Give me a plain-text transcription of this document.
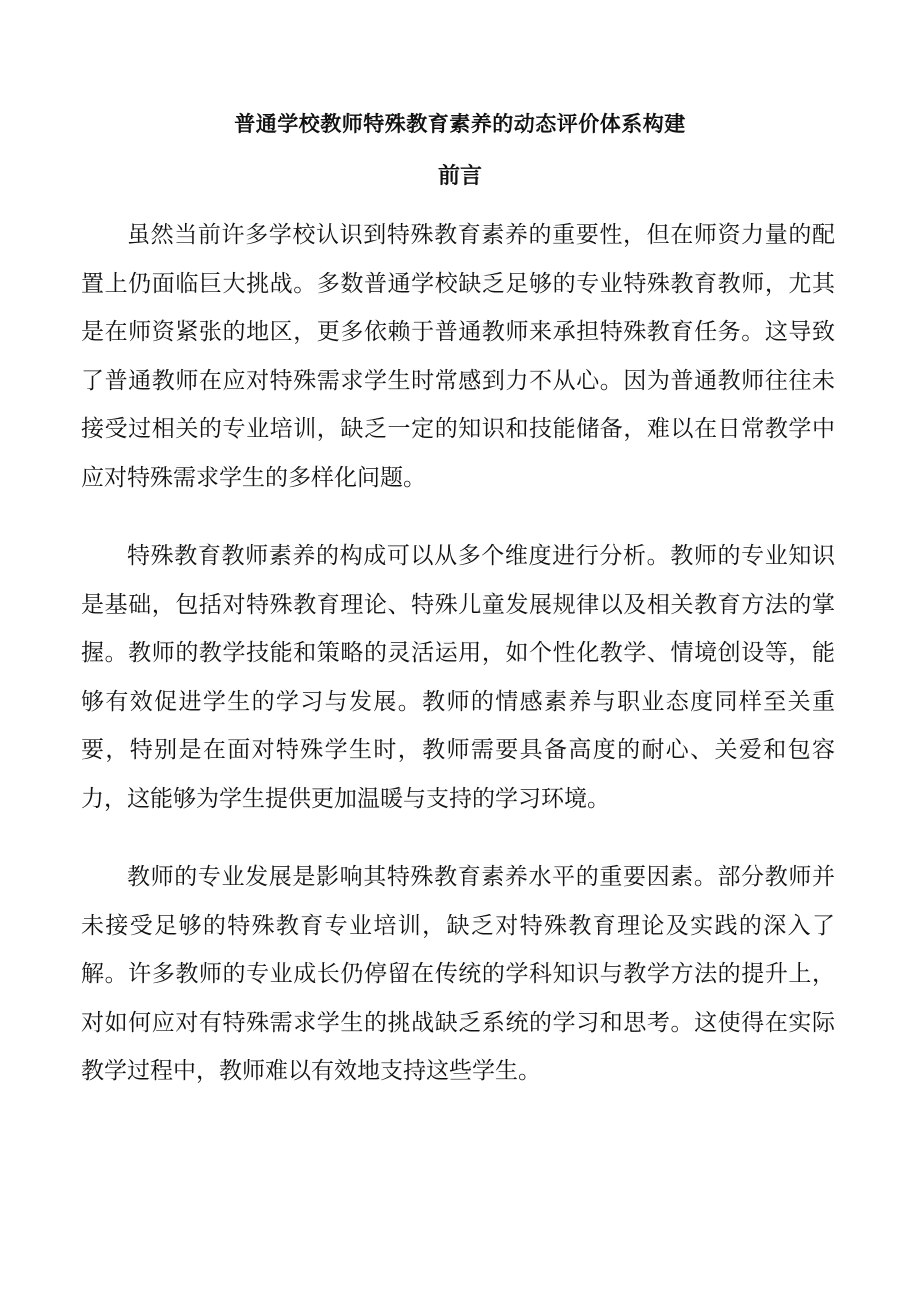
普通学校教师特殊教育素养的动态评价体系构建
前言

虽然当前许多学校认识到特殊教育素养的重要性，但在师资力量的配置上仍面临巨大挑战。多数普通学校缺乏足够的专业特殊教育教师，尤其是在师资紧张的地区，更多依赖于普通教师来承担特殊教育任务。这导致了普通教师在应对特殊需求学生时常感到力不从心。因为普通教师往往未接受过相关的专业培训，缺乏一定的知识和技能储备，难以在日常教学中应对特殊需求学生的多样化问题。

特殊教育教师素养的构成可以从多个维度进行分析。教师的专业知识是基础，包括对特殊教育理论、特殊儿童发展规律以及相关教育方法的掌握。教师的教学技能和策略的灵活运用，如个性化教学、情境创设等，能够有效促进学生的学习与发展。教师的情感素养与职业态度同样至关重要，特别是在面对特殊学生时，教师需要具备高度的耐心、关爱和包容力，这能够为学生提供更加温暖与支持的学习环境。

教师的专业发展是影响其特殊教育素养水平的重要因素。部分教师并未接受足够的特殊教育专业培训，缺乏对特殊教育理论及实践的深入了解。许多教师的专业成长仍停留在传统的学科知识与教学方法的提升上，对如何应对有特殊需求学生的挑战缺乏系统的学习和思考。这使得在实际教学过程中，教师难以有效地支持这些学生。
